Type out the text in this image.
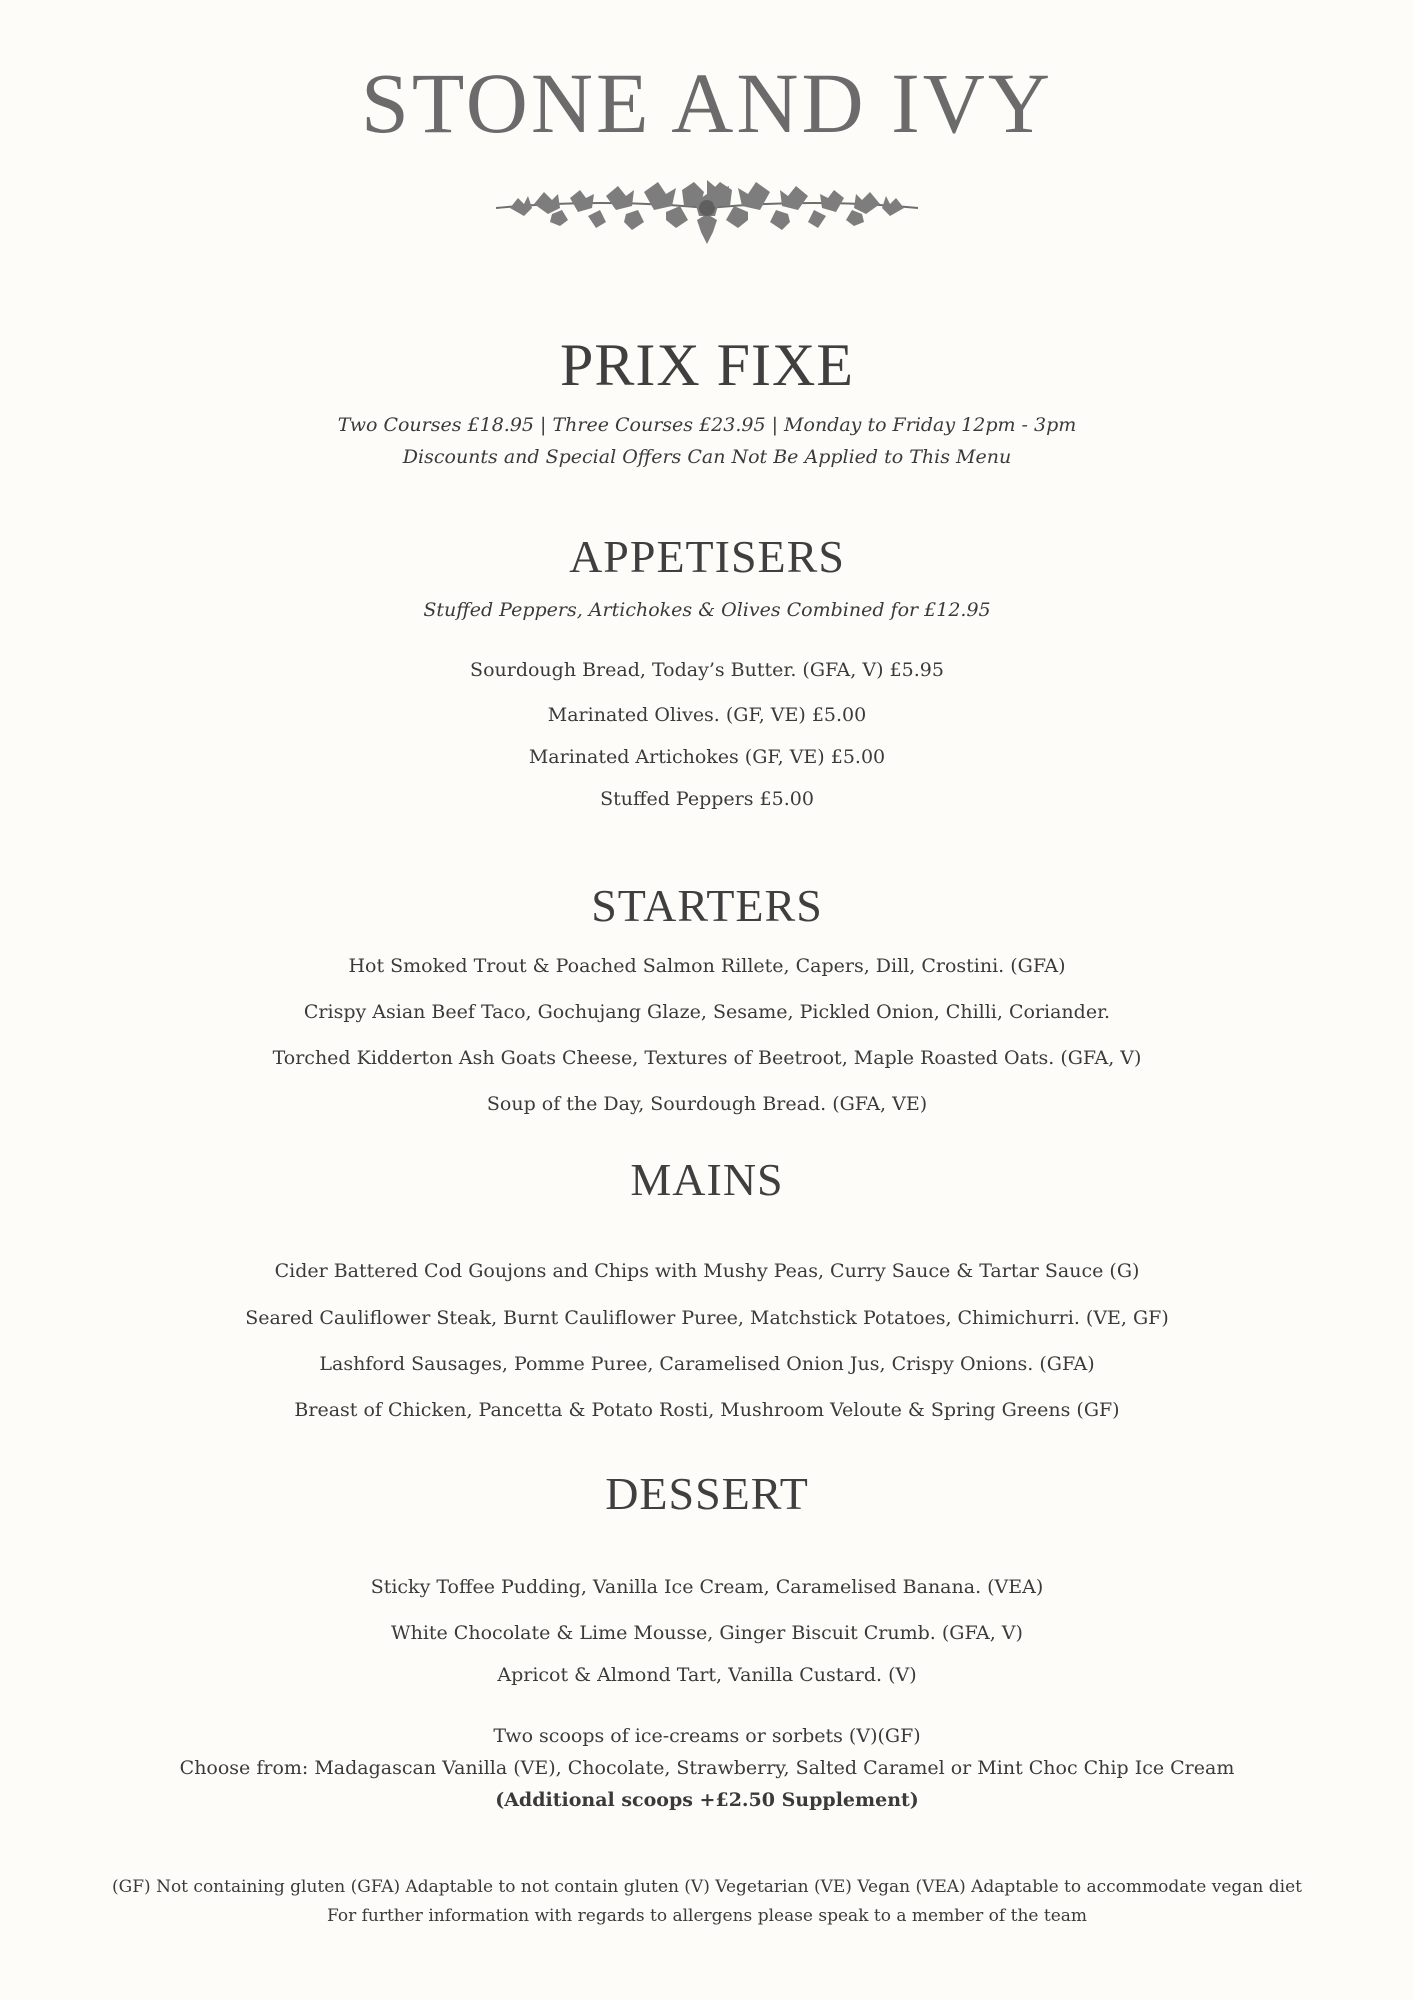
STONE AND IVY
PRIX FIXE
Two Courses £18.95 | Three Courses £23.95 | Monday to Friday 12pm - 3pm
Discounts and Special Offers Can Not Be Applied to This Menu
APPETISERS
Stuffed Peppers, Artichokes & Olives Combined for £12.95
Sourdough Bread, Today’s Butter. (GFA, V) £5.95
Marinated Olives. (GF, VE) £5.00
Marinated Artichokes (GF, VE) £5.00
Stuffed Peppers £5.00
STARTERS
Hot Smoked Trout & Poached Salmon Rillete, Capers, Dill, Crostini. (GFA)
Crispy Asian Beef Taco, Gochujang Glaze, Sesame, Pickled Onion, Chilli, Coriander.
Torched Kidderton Ash Goats Cheese, Textures of Beetroot, Maple Roasted Oats. (GFA, V)
Soup of the Day, Sourdough Bread. (GFA, VE)
MAINS
Cider Battered Cod Goujons and Chips with Mushy Peas, Curry Sauce & Tartar Sauce (G)
Seared Cauliflower Steak, Burnt Cauliflower Puree, Matchstick Potatoes, Chimichurri. (VE, GF)
Lashford Sausages, Pomme Puree, Caramelised Onion Jus, Crispy Onions. (GFA)
Breast of Chicken, Pancetta & Potato Rosti, Mushroom Veloute & Spring Greens (GF)
DESSERT
Sticky Toffee Pudding, Vanilla Ice Cream, Caramelised Banana. (VEA)
White Chocolate & Lime Mousse, Ginger Biscuit Crumb. (GFA, V)
Apricot & Almond Tart, Vanilla Custard. (V)
Two scoops of ice-creams or sorbets (V)(GF)
Choose from: Madagascan Vanilla (VE), Chocolate, Strawberry, Salted Caramel or Mint Choc Chip Ice Cream
(Additional scoops +£2.50 Supplement)
(GF) Not containing gluten (GFA) Adaptable to not contain gluten (V) Vegetarian (VE) Vegan (VEA) Adaptable to accommodate vegan diet
For further information with regards to allergens please speak to a member of the team
